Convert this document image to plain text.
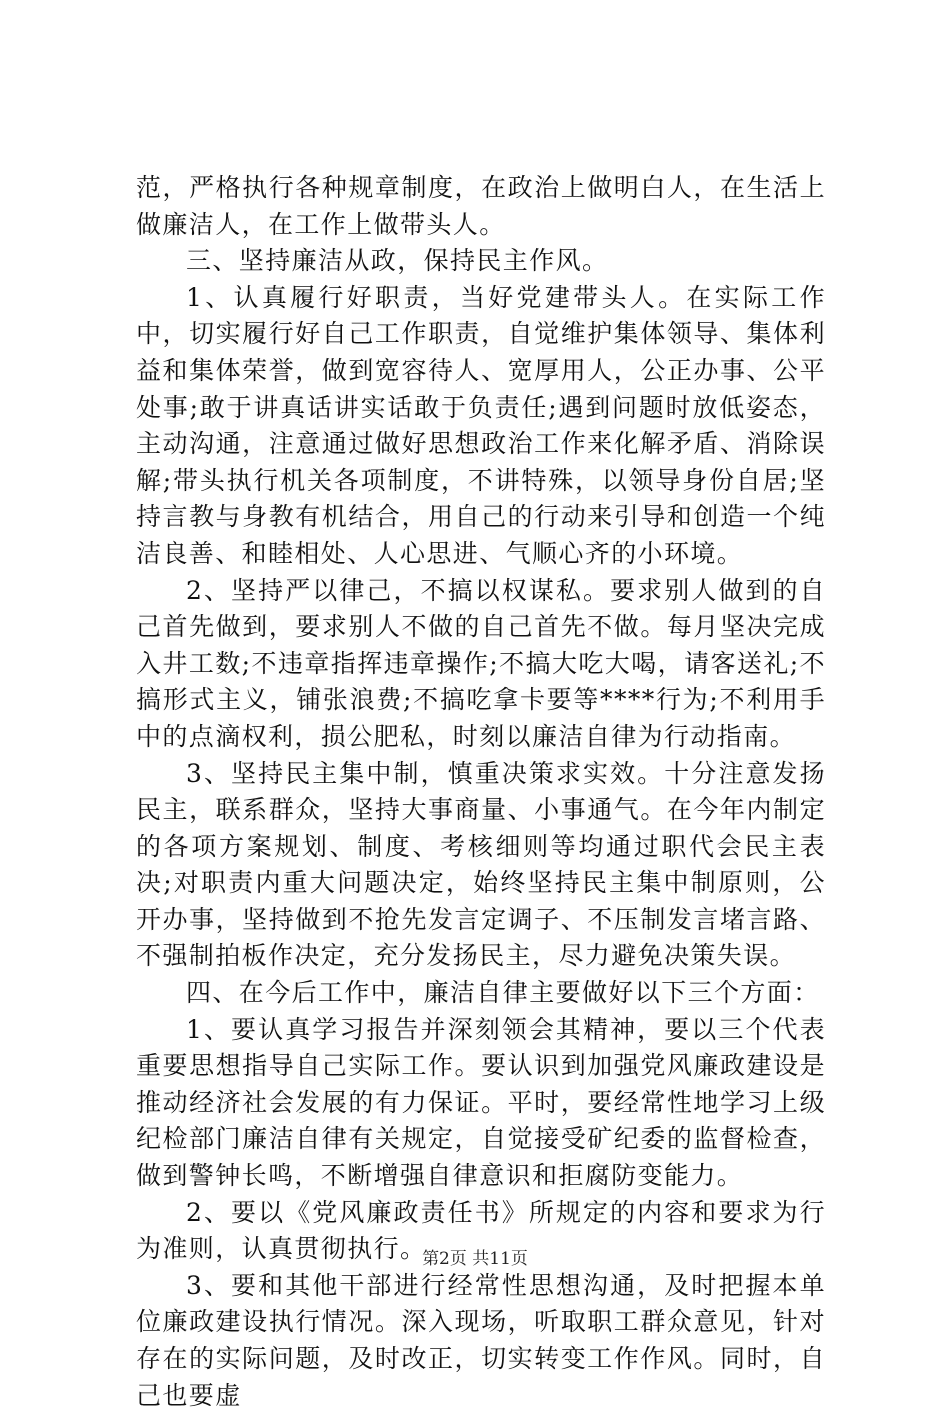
范，严格执行各种规章制度，在政治上做明白人，在生活上做廉洁人，在工作上做带头人。

三、坚持廉洁从政，保持民主作风。

1、认真履行好职责，当好党建带头人。在实际工作中，切实履行好自己工作职责，自觉维护集体领导、集体利益和集体荣誉，做到宽容待人、宽厚用人，公正办事、公平处事;敢于讲真话讲实话敢于负责任;遇到问题时放低姿态，主动沟通，注意通过做好思想政治工作来化解矛盾、消除误解;带头执行机关各项制度，不讲特殊，以领导身份自居;坚持言教与身教有机结合，用自己的行动来引导和创造一个纯洁良善、和睦相处、人心思进、气顺心齐的小环境。

2、坚持严以律己，不搞以权谋私。要求别人做到的自己首先做到，要求别人不做的自己首先不做。每月坚决完成入井工数;不违章指挥违章操作;不搞大吃大喝，请客送礼;不搞形式主义，铺张浪费;不搞吃拿卡要等****行为;不利用手中的点滴权利，损公肥私，时刻以廉洁自律为行动指南。

3、坚持民主集中制，慎重决策求实效。十分注意发扬民主，联系群众，坚持大事商量、小事通气。在今年内制定的各项方案规划、制度、考核细则等均通过职代会民主表决;对职责内重大问题决定，始终坚持民主集中制原则，公开办事，坚持做到不抢先发言定调子、不压制发言堵言路、不强制拍板作决定，充分发扬民主，尽力避免决策失误。

四、在今后工作中，廉洁自律主要做好以下三个方面：

1、要认真学习报告并深刻领会其精神，要以三个代表重要思想指导自己实际工作。要认识到加强党风廉政建设是推动经济社会发展的有力保证。平时，要经常性地学习上级纪检部门廉洁自律有关规定，自觉接受矿纪委的监督检查，做到警钟长鸣，不断增强自律意识和拒腐防变能力。

2、要以《党风廉政责任书》所规定的内容和要求为行为准则，认真贯彻执行。

3、要和其他干部进行经常性思想沟通，及时把握本单位廉政建设执行情况。深入现场，听取职工群众意见，针对存在的实际问题，及时改正，切实转变工作作风。同时，自己也要虚

第2页 共11页
